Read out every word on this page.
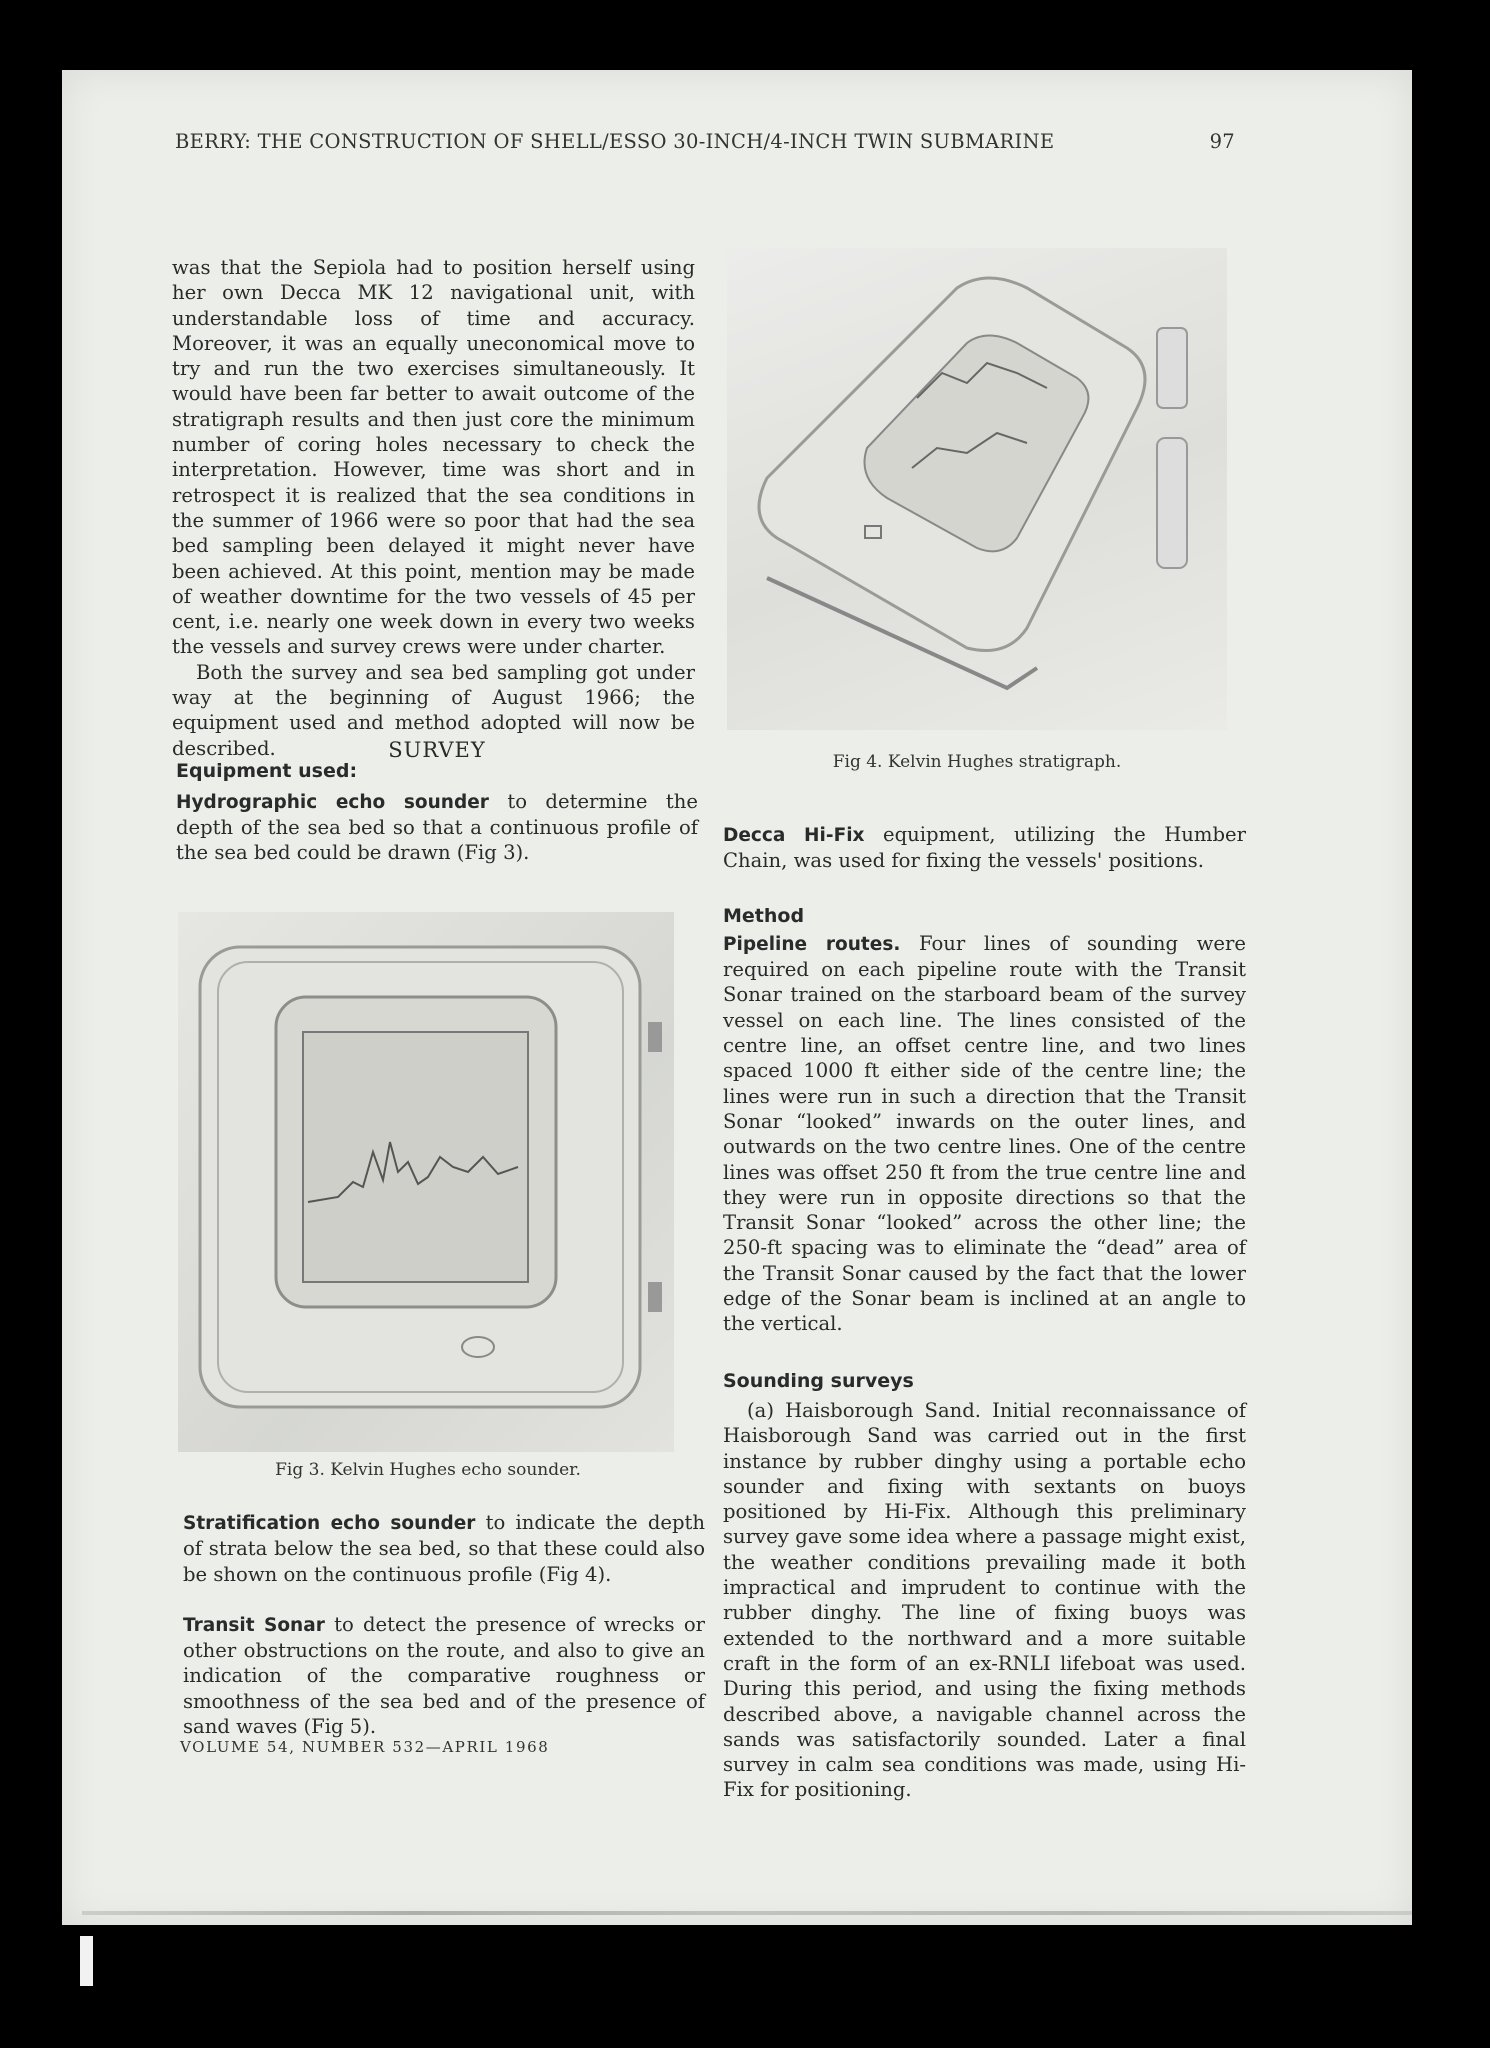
BERRY: THE CONSTRUCTION OF SHELL/ESSO 30-INCH/4-INCH TWIN SUBMARINE	97

was that the Sepiola had to position herself using her own Decca MK 12 navigational unit, with understandable loss of time and accuracy. Moreover, it was an equally uneconomical move to try and run the two exercises simultaneously. It would have been far better to await outcome of the stratigraph results and then just core the minimum number of coring holes necessary to check the interpretation. However, time was short and in retrospect it is realized that the sea conditions in the summer of 1966 were so poor that had the sea bed sampling been delayed it might never have been achieved. At this point, mention may be made of weather downtime for the two vessels of 45 per cent, i.e. nearly one week down in every two weeks the vessels and survey crews were under charter.

Both the survey and sea bed sampling got under way at the beginning of August 1966; the equipment used and method adopted will now be described.	SURVEY

Equipment used:

Hydrographic echo sounder to determine the depth of the sea bed so that a continuous profile of the sea bed could be drawn (Fig 3).

Fig 3. Kelvin Hughes echo sounder.

Stratification echo sounder to indicate the depth of strata below the sea bed, so that these could also be shown on the continuous profile (Fig 4).

Transit Sonar to detect the presence of wrecks or other obstructions on the route, and also to give an indication of the comparative roughness or smoothness of the sea bed and of the presence of sand waves (Fig 5).

Fig 4. Kelvin Hughes stratigraph.

Decca Hi-Fix equipment, utilizing the Humber Chain, was used for fixing the vessels' positions.

Method

Pipeline routes. Four lines of sounding were required on each pipeline route with the Transit Sonar trained on the starboard beam of the survey vessel on each line. The lines consisted of the centre line, an offset centre line, and two lines spaced 1000 ft either side of the centre line; the lines were run in such a direction that the Transit Sonar “looked” inwards on the outer lines, and outwards on the two centre lines. One of the centre lines was offset 250 ft from the true centre line and they were run in opposite directions so that the Transit Sonar “looked” across the other line; the 250-ft spacing was to eliminate the “dead” area of the Transit Sonar caused by the fact that the lower edge of the Sonar beam is inclined at an angle to the vertical.

Sounding surveys

(a) Haisborough Sand. Initial reconnaissance of Haisborough Sand was carried out in the first instance by rubber dinghy using a portable echo sounder and fixing with sextants on buoys positioned by Hi-Fix. Although this preliminary survey gave some idea where a passage might exist, the weather conditions prevailing made it both impractical and imprudent to continue with the rubber dinghy. The line of fixing buoys was extended to the northward and a more suitable craft in the form of an ex-RNLI lifeboat was used. During this period, and using the fixing methods described above, a navigable channel across the sands was satisfactorily sounded. Later a final survey in calm sea conditions was made, using Hi-Fix for positioning.

VOLUME 54, NUMBER 532—APRIL 1968
